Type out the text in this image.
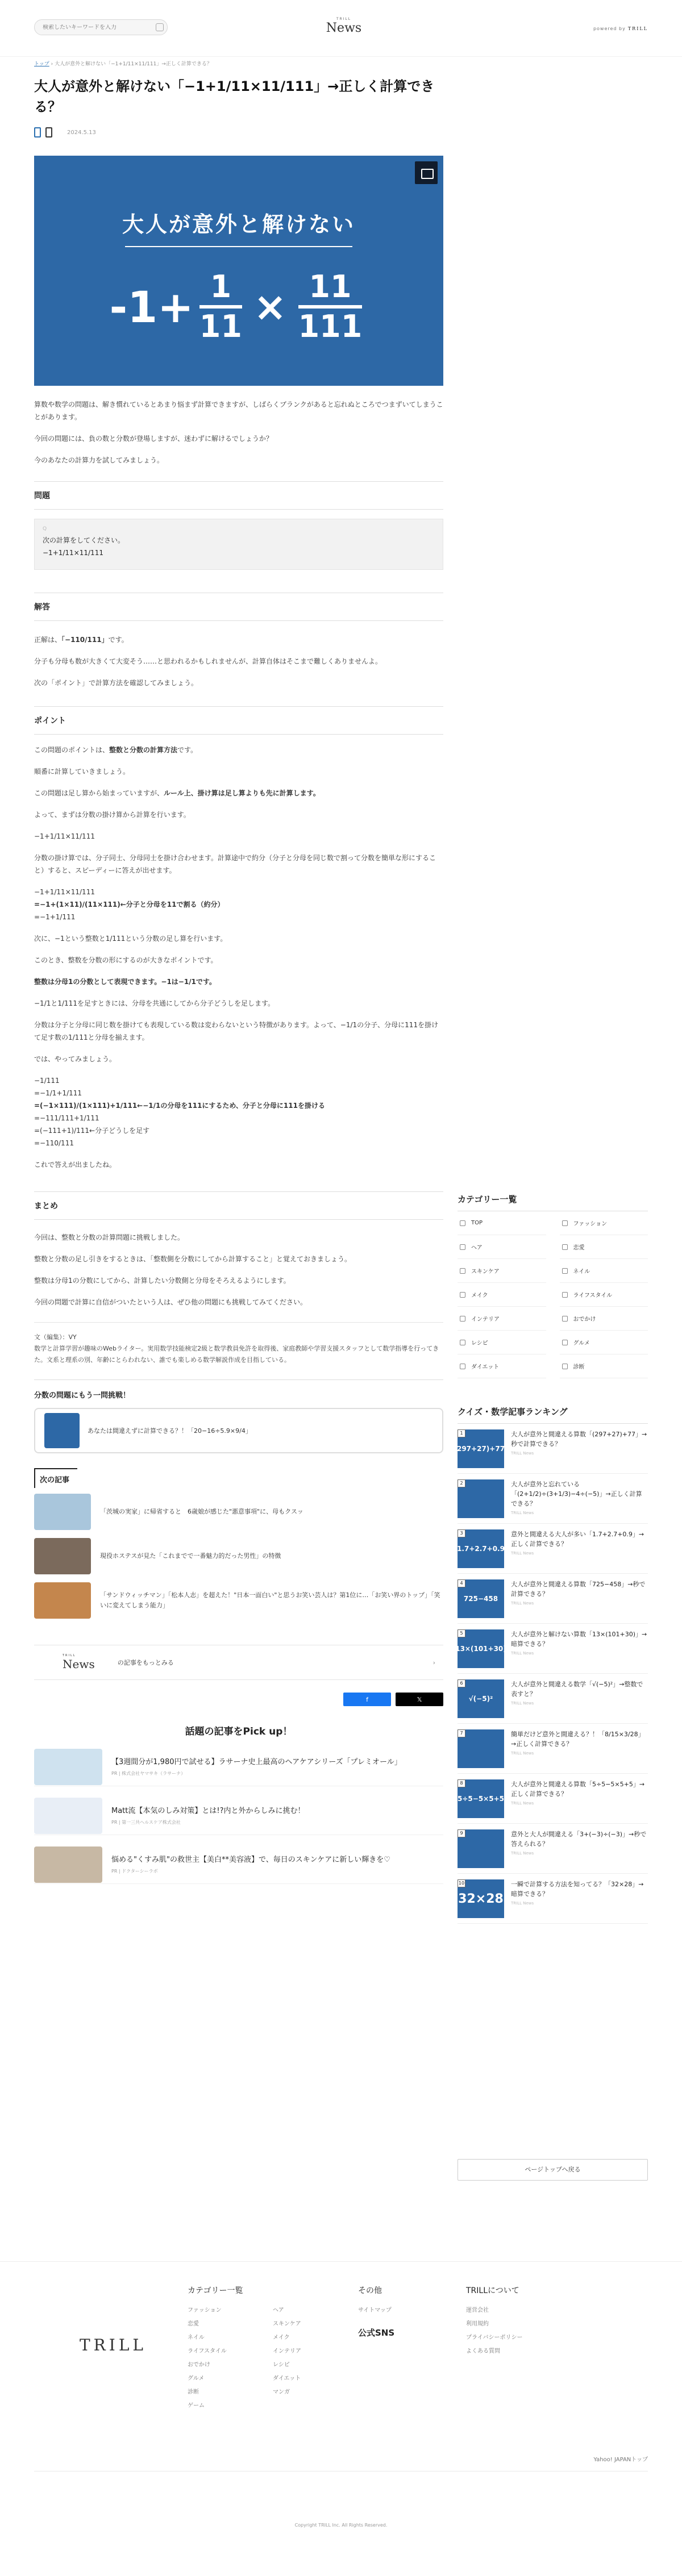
検索したいキーワードを入力
TRILL
News	powered by TRILL
トップ › 大人が意外と解けない「−1+1/11×11/111」→正しく計算できる？
大人が意外と解けない「−1+1/11×11/111」→正しく計算できる？
2024.5.13
大人が意外と解けない
-1+ 1
11 × 11
111

算数や数学の問題は、解き慣れているとあまり悩まず計算できますが、しばらくブランクがあると忘れぬところでつまずいてしまうことがあります。

今回の問題には、負の数と分数が登場しますが、迷わずに解けるでしょうか？

今のあなたの計算力を試してみましょう。

問題
Q 次の計算をしてください。
−1+1/11×11/111
解答

正解は、「−110/111」です。

分子も分母も数が大きくて大変そう……と思われるかもしれませんが、計算自体はそこまで難しくありませんよ。

次の「ポイント」で計算方法を確認してみましょう。

ポイント

この問題のポイントは、整数と分数の計算方法です。

順番に計算していきましょう。

この問題は足し算から始まっていますが、ルール上、掛け算は足し算よりも先に計算します。

よって、まずは分数の掛け算から計算を行います。

−1+1/11×11/111

分数の掛け算では、分子同士、分母同士を掛け合わせます。計算途中で約分（分子と分母を同じ数で割って分数を簡単な形にすること）すると、スピーディーに答えが出せます。

−1+1/11×11/111
=−1+(1×11)/(11×111)←分子と分母を11で割る（約分）
=−1+1/111

次に、−1という整数と1/111という分数の足し算を行います。

このとき、整数を分数の形にするのが大きなポイントです。

整数は分母1の分数として表現できます。−1は−1/1です。

−1/1と1/111を足すときには、分母を共通にしてから分子どうしを足します。

分数は分子と分母に同じ数を掛けても表現している数は変わらないという特徴があります。よって、−1/1の分子、分母に111を掛けて足す数の1/111と分母を揃えます。

では、やってみましょう。

−1/111
=−1/1+1/111
=(−1×111)/(1×111)+1/111←−1/1の分母を111にするため、分子と分母に111を掛ける
=−111/111+1/111
=(−111+1)/111←分子どうしを足す
=−110/111

これで答えが出ましたね。

まとめ

今回は、整数と分数の計算問題に挑戦しました。

整数と分数の足し引きをするときは、「整数側を分数にしてから計算すること」と覚えておきましょう。

整数は分母1の分数にしてから、計算したい分数側と分母をそろえるようにします。

今回の問題で計算に自信がついたという人は、ぜひ他の問題にも挑戦してみてください。

文（編集）：VY
数学と計算学習が趣味のWebライター。実用数学技能検定2級と数学教員免許を取得後、家庭教師や学習支援スタッフとして数学指導を行ってきた。文系と理系の別、年齢にとらわれない、誰でも楽しめる数学解説作成を目指している。
分数の問題にもう一問挑戦！
あなたは間違えずに計算できる？！「20−16÷5.9×9/4」
次の記事
「茨城の実家」に帰省すると　6歳娘が感じた"悪意事項"に、母もクスッ
現役ホステスが見た「これまでで一番魅力的だった男性」の特徴
「サンドウィッチマン」「松本人志」を超えた！"日本一面白い"と思うお笑い芸人は？第1位に…「お笑い界のトップ」「笑いに変えてしまう能力」
TRILL
News	の記事をもっとみる	›
f	𝕏
話題の記事をPick up！
【3週間分が1,980円で試せる】ラサーナ史上最高のヘアケアシリーズ「プレミオール」
PR | 株式会社ヤマサキ（ラサーナ）
Matt流【本気のしみ対策】とは!?内と外からしみに挑む！
PR | 第一三共ヘルスケア株式会社
悩める"くすみ肌"の救世主【美白**美容液】で、毎日のスキンケアに新しい輝きを♡
PR | ドクターシーラボ
カテゴリー一覧
TOP	ファッション
ヘア	恋愛
スキンケア	ネイル
メイク	ライフスタイル
インテリア	おでかけ
レシピ	グルメ
ダイエット	診断
クイズ・数学記事ランキング
1
297+27)+77
大人が意外と間違える算数「(297+27)+77」→秒で計算できる？
TRILL News
2	大人が意外と忘れている「(2+1/2)÷(3+1/3)−4÷(−5)」→正しく計算できる？
TRILL News
3
1.7+2.7+0.9
意外と間違える大人が多い「1.7+2.7+0.9」→正しく計算できる？
TRILL News
4
725−458
大人が意外と間違える算数「725−458」→秒で計算できる？
TRILL News
5
13×(101+30)
大人が意外と解けない算数「13×(101+30)」→暗算できる？
TRILL News
6
√(−5)²
大人が意外と間違える数学「√(−5)²」→整数で表すと？
TRILL News
7	簡単だけど意外と間違える？！「8/15×3/28」→正しく計算できる？
TRILL News
8
5÷5−5×5+5
大人が意外と間違える算数「5÷5−5×5+5」→正しく計算できる？
TRILL News
9	意外と大人が間違える「3+(−3)÷(−3)」→秒で答えられる？
TRILL News
10
32×28
一瞬で計算する方法を知ってる？「32×28」→暗算できる？
TRILL News
ページトップへ戻る
TRILL
カテゴリー一覧
ファッション
恋愛
ネイル
ライフスタイル
おでかけ
グルメ
診断
ゲーム
ヘア
スキンケア
メイク
インテリア
レシピ
ダイエット
マンガ
その他
サイトマップ
公式SNS
TRILLについて
運営会社
利用規約
プライバシーポリシー
よくある質問
Yahoo! JAPANトップ
Copyright TRILL Inc. All Rights Reserved.
